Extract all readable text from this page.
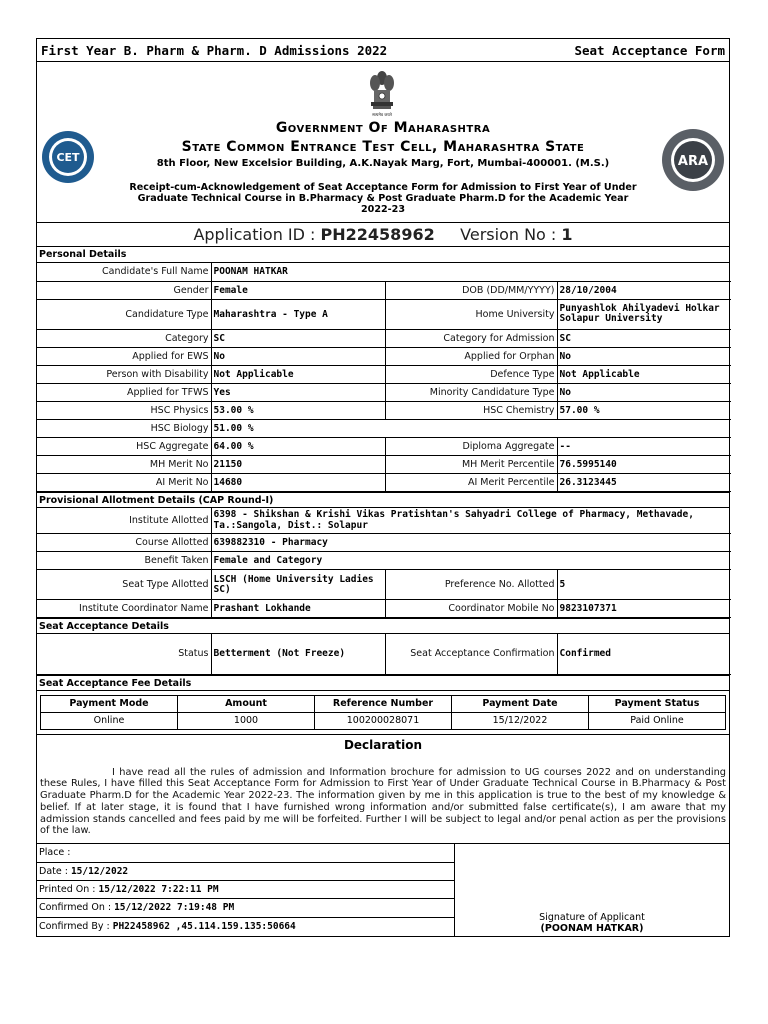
First Year B. Pharm & Pharm. D Admissions 2022	Seat Acceptance Form
सत्यमेव जयते
CET	ARA
Government Of Maharashtra
State Common Entrance Test Cell, Maharashtra State
8th Floor, New Excelsior Building, A.K.Nayak Marg, Fort, Mumbai-400001. (M.S.)
Receipt-cum-Acknowledgement of Seat Acceptance Form for Admission to First Year of Under Graduate Technical Course in B.Pharmacy & Post Graduate Pharm.D for the Academic Year 2022-23
Application ID : PH22458962 Version No : 1
Personal Details
Candidate's Full Name	POONAM HATKAR		
Gender	Female	DOB (DD/MM/YYYY)	28/10/2004
Candidature Type	Maharashtra - Type A	Home University	Punyashlok Ahilyadevi Holkar Solapur University
Category	SC	Category for Admission	SC
Applied for EWS	No	Applied for Orphan	No
Person with Disability	Not Applicable	Defence Type	Not Applicable
Applied for TFWS	Yes	Minority Candidature Type	No
HSC Physics	53.00 %	HSC Chemistry	57.00 %
HSC Biology	51.00 %		
HSC Aggregate	64.00 %	Diploma Aggregate	--
MH Merit No	21150	MH Merit Percentile	76.5995140
AI Merit No	14680	AI Merit Percentile	26.3123445
Provisional Allotment Details (CAP Round-I)
Institute Allotted	6398 - Shikshan & Krishi Vikas Pratishtan's Sahyadri College of Pharmacy, Methavade, Ta.:Sangola, Dist.: Solapur		
Course Allotted	639882310 - Pharmacy		
Benefit Taken	Female and Category		
Seat Type Allotted	LSCH (Home University Ladies SC)	Preference No. Allotted	5
Institute Coordinator Name	Prashant Lokhande	Coordinator Mobile No	9823107371
Seat Acceptance Details
Status	Betterment (Not Freeze)	Seat Acceptance Confirmation	Confirmed
Seat Acceptance Fee Details
Payment Mode	Amount	Reference Number	Payment Date	Payment Status
Online	1000	100200028071	15/12/2022	Paid Online
Declaration
I have read all the rules of admission and Information brochure for admission to UG courses 2022 and on understanding these Rules, I have filled this Seat Acceptance Form for Admission to First Year of Under Graduate Technical Course in B.Pharmacy & Post Graduate Pharm.D for the Academic Year 2022-23. The information given by me in this application is true to the best of my knowledge & belief. If at later stage, it is found that I have furnished wrong information and/or submitted false certificate(s), I am aware that my admission stands cancelled and fees paid by me will be forfeited. Further I will be subject to legal and/or penal action as per the provisions of the law.
Place :
Date : 15/12/2022
Printed On : 15/12/2022 7:22:11 PM
Confirmed On : 15/12/2022 7:19:48 PM
Confirmed By : PH22458962 ,45.114.159.135:50664
Signature of Applicant
(POONAM HATKAR)
